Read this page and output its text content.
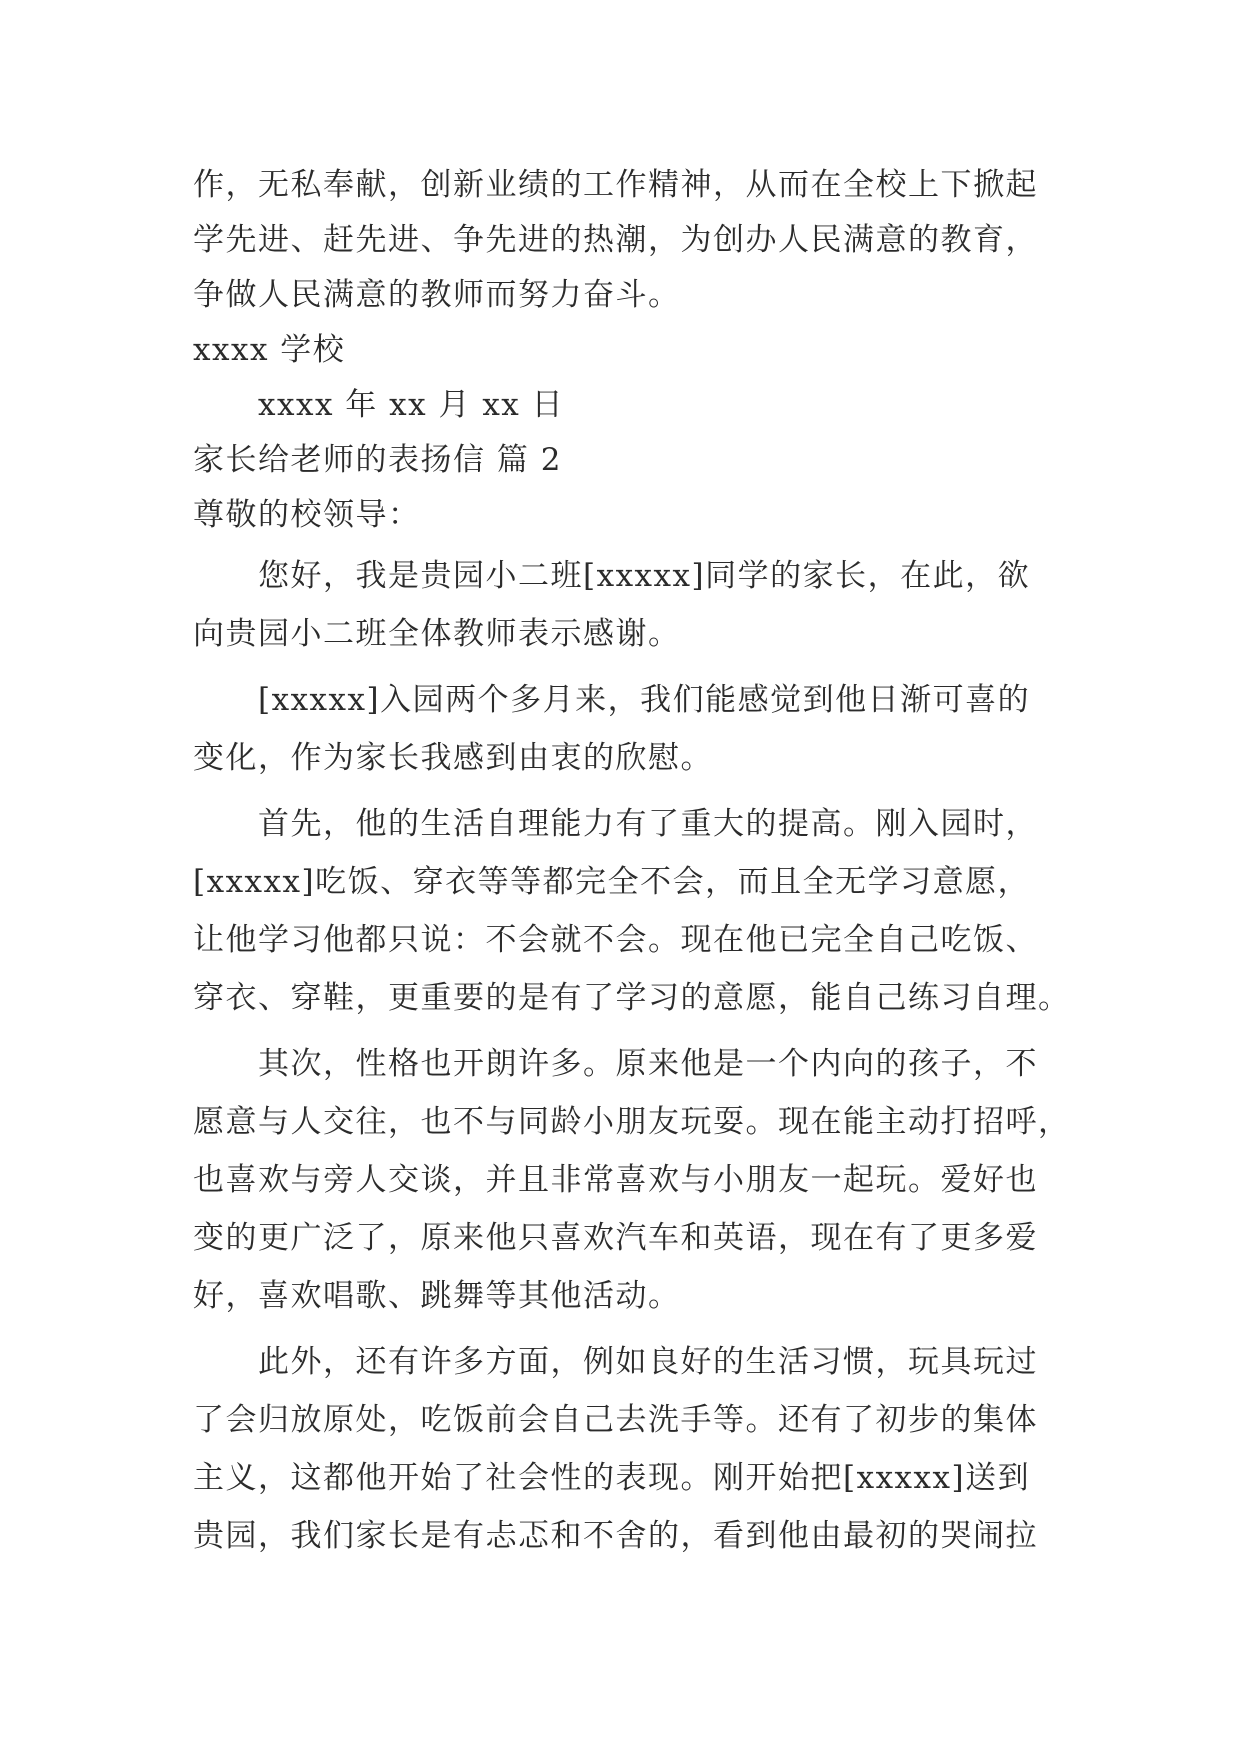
作，无私奉献，创新业绩的工作精神，从而在全校上下掀起
学先进、赶先进、争先进的热潮，为创办人民满意的教育，
争做人民满意的教师而努力奋斗。
xxxx 学校
xxxx 年 xx 月 xx 日
家长给老师的表扬信 篇 2
尊敬的校领导：
您好，我是贵园小二班[xxxxx]同学的家长，在此，欲
向贵园小二班全体教师表示感谢。
[xxxxx]入园两个多月来，我们能感觉到他日渐可喜的
变化，作为家长我感到由衷的欣慰。
首先，他的生活自理能力有了重大的提高。刚入园时，
[xxxxx]吃饭、穿衣等等都完全不会，而且全无学习意愿，
让他学习他都只说：不会就不会。现在他已完全自己吃饭、
穿衣、穿鞋，更重要的是有了学习的意愿，能自己练习自理。
其次，性格也开朗许多。原来他是一个内向的孩子，不
愿意与人交往，也不与同龄小朋友玩耍。现在能主动打招呼，
也喜欢与旁人交谈，并且非常喜欢与小朋友一起玩。爱好也
变的更广泛了，原来他只喜欢汽车和英语，现在有了更多爱
好，喜欢唱歌、跳舞等其他活动。
此外，还有许多方面，例如良好的生活习惯，玩具玩过
了会归放原处，吃饭前会自己去洗手等。还有了初步的集体
主义，这都他开始了社会性的表现。刚开始把[xxxxx]送到
贵园，我们家长是有忐忑和不舍的，看到他由最初的哭闹拉
